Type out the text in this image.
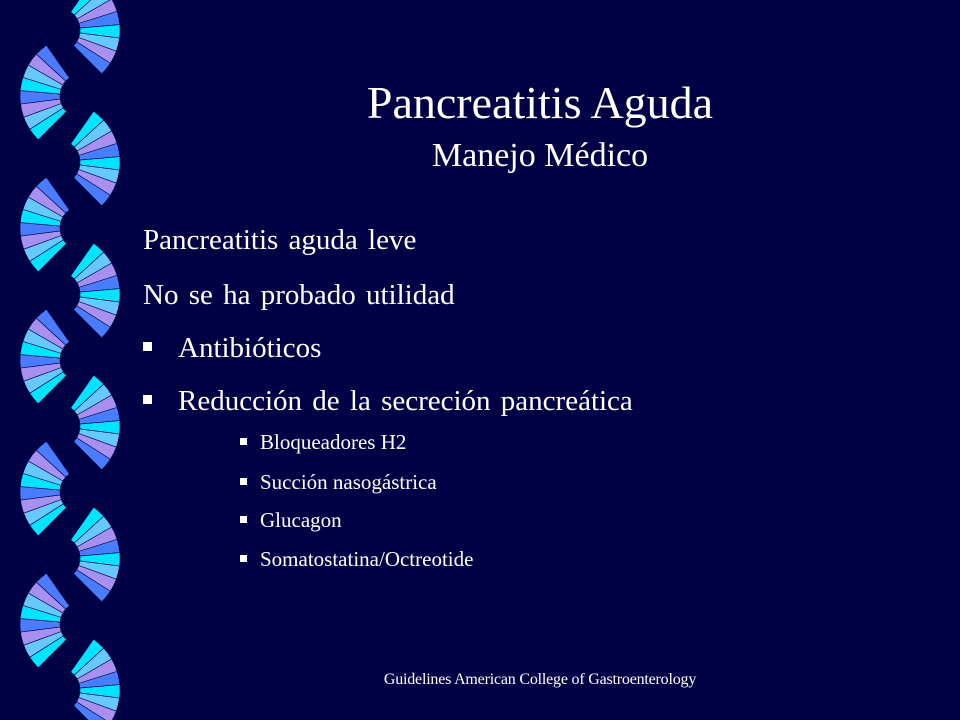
Pancreatitis Aguda
Manejo Médico
Pancreatitis aguda leve
No se ha probado utilidad
Antibióticos
Reducción de la secreción pancreática
Bloqueadores H2
Succión nasogástrica
Glucagon
Somatostatina/Octreotide
Guidelines American College of Gastroenterology
